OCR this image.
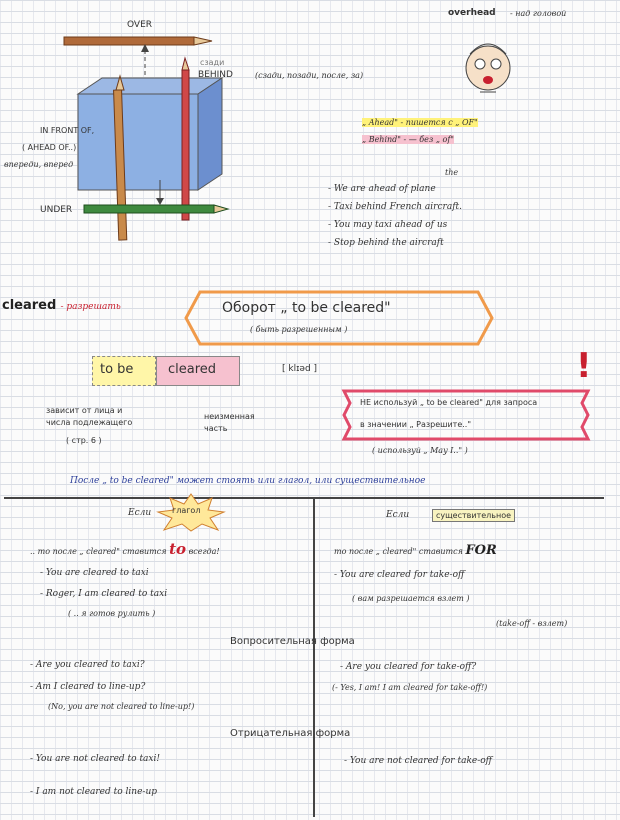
OVER
сзади
BEHIND	(сзади, позади, после, за)
IN FRONT OF,
( AHEAD OF..)
впереди, вперед
UNDER
overhead - над головой
„ Ahead" - пишется с „ OF"
„ Behind" - — без „ of"
the
- We are ahead of plane
- Taxi behind French aircraft.
- You may taxi ahead of us
- Stop behind the aircraft
cleared - разрешать	Оборот „ to be cleared"
( быть разрешенным )
to be	cleared	[ klɪəd ]
зависит от лица и
числа подлежащего
( стр. 6 )
неизменная
часть
НЕ используй „ to be cleared" для запроса
в значении „ Разрешите.."
( используй „ May I.." )
!
После „ to be cleared" может стоять или глагол, или существительное
Если	глагол
.. то после „ cleared" ставится to всегда!
- You are cleared to taxi
- Roger, I am cleared to taxi
( .. я готов рулить )
Если	существительное
то после „ cleared" ставится FOR
- You are cleared for take-off
( вам разрешается взлет )
(take-off - взлет)
Вопросительная форма
- Are you cleared to taxi?
- Am I cleared to line-up?
(No, you are not cleared to line-up!)
- Are you cleared for take-off?
(- Yes, I am! I am cleared for take-off!)
Отрицательная форма
- You are not cleared to taxi!
- I am not cleared to line-up
- You are not cleared for take-off
